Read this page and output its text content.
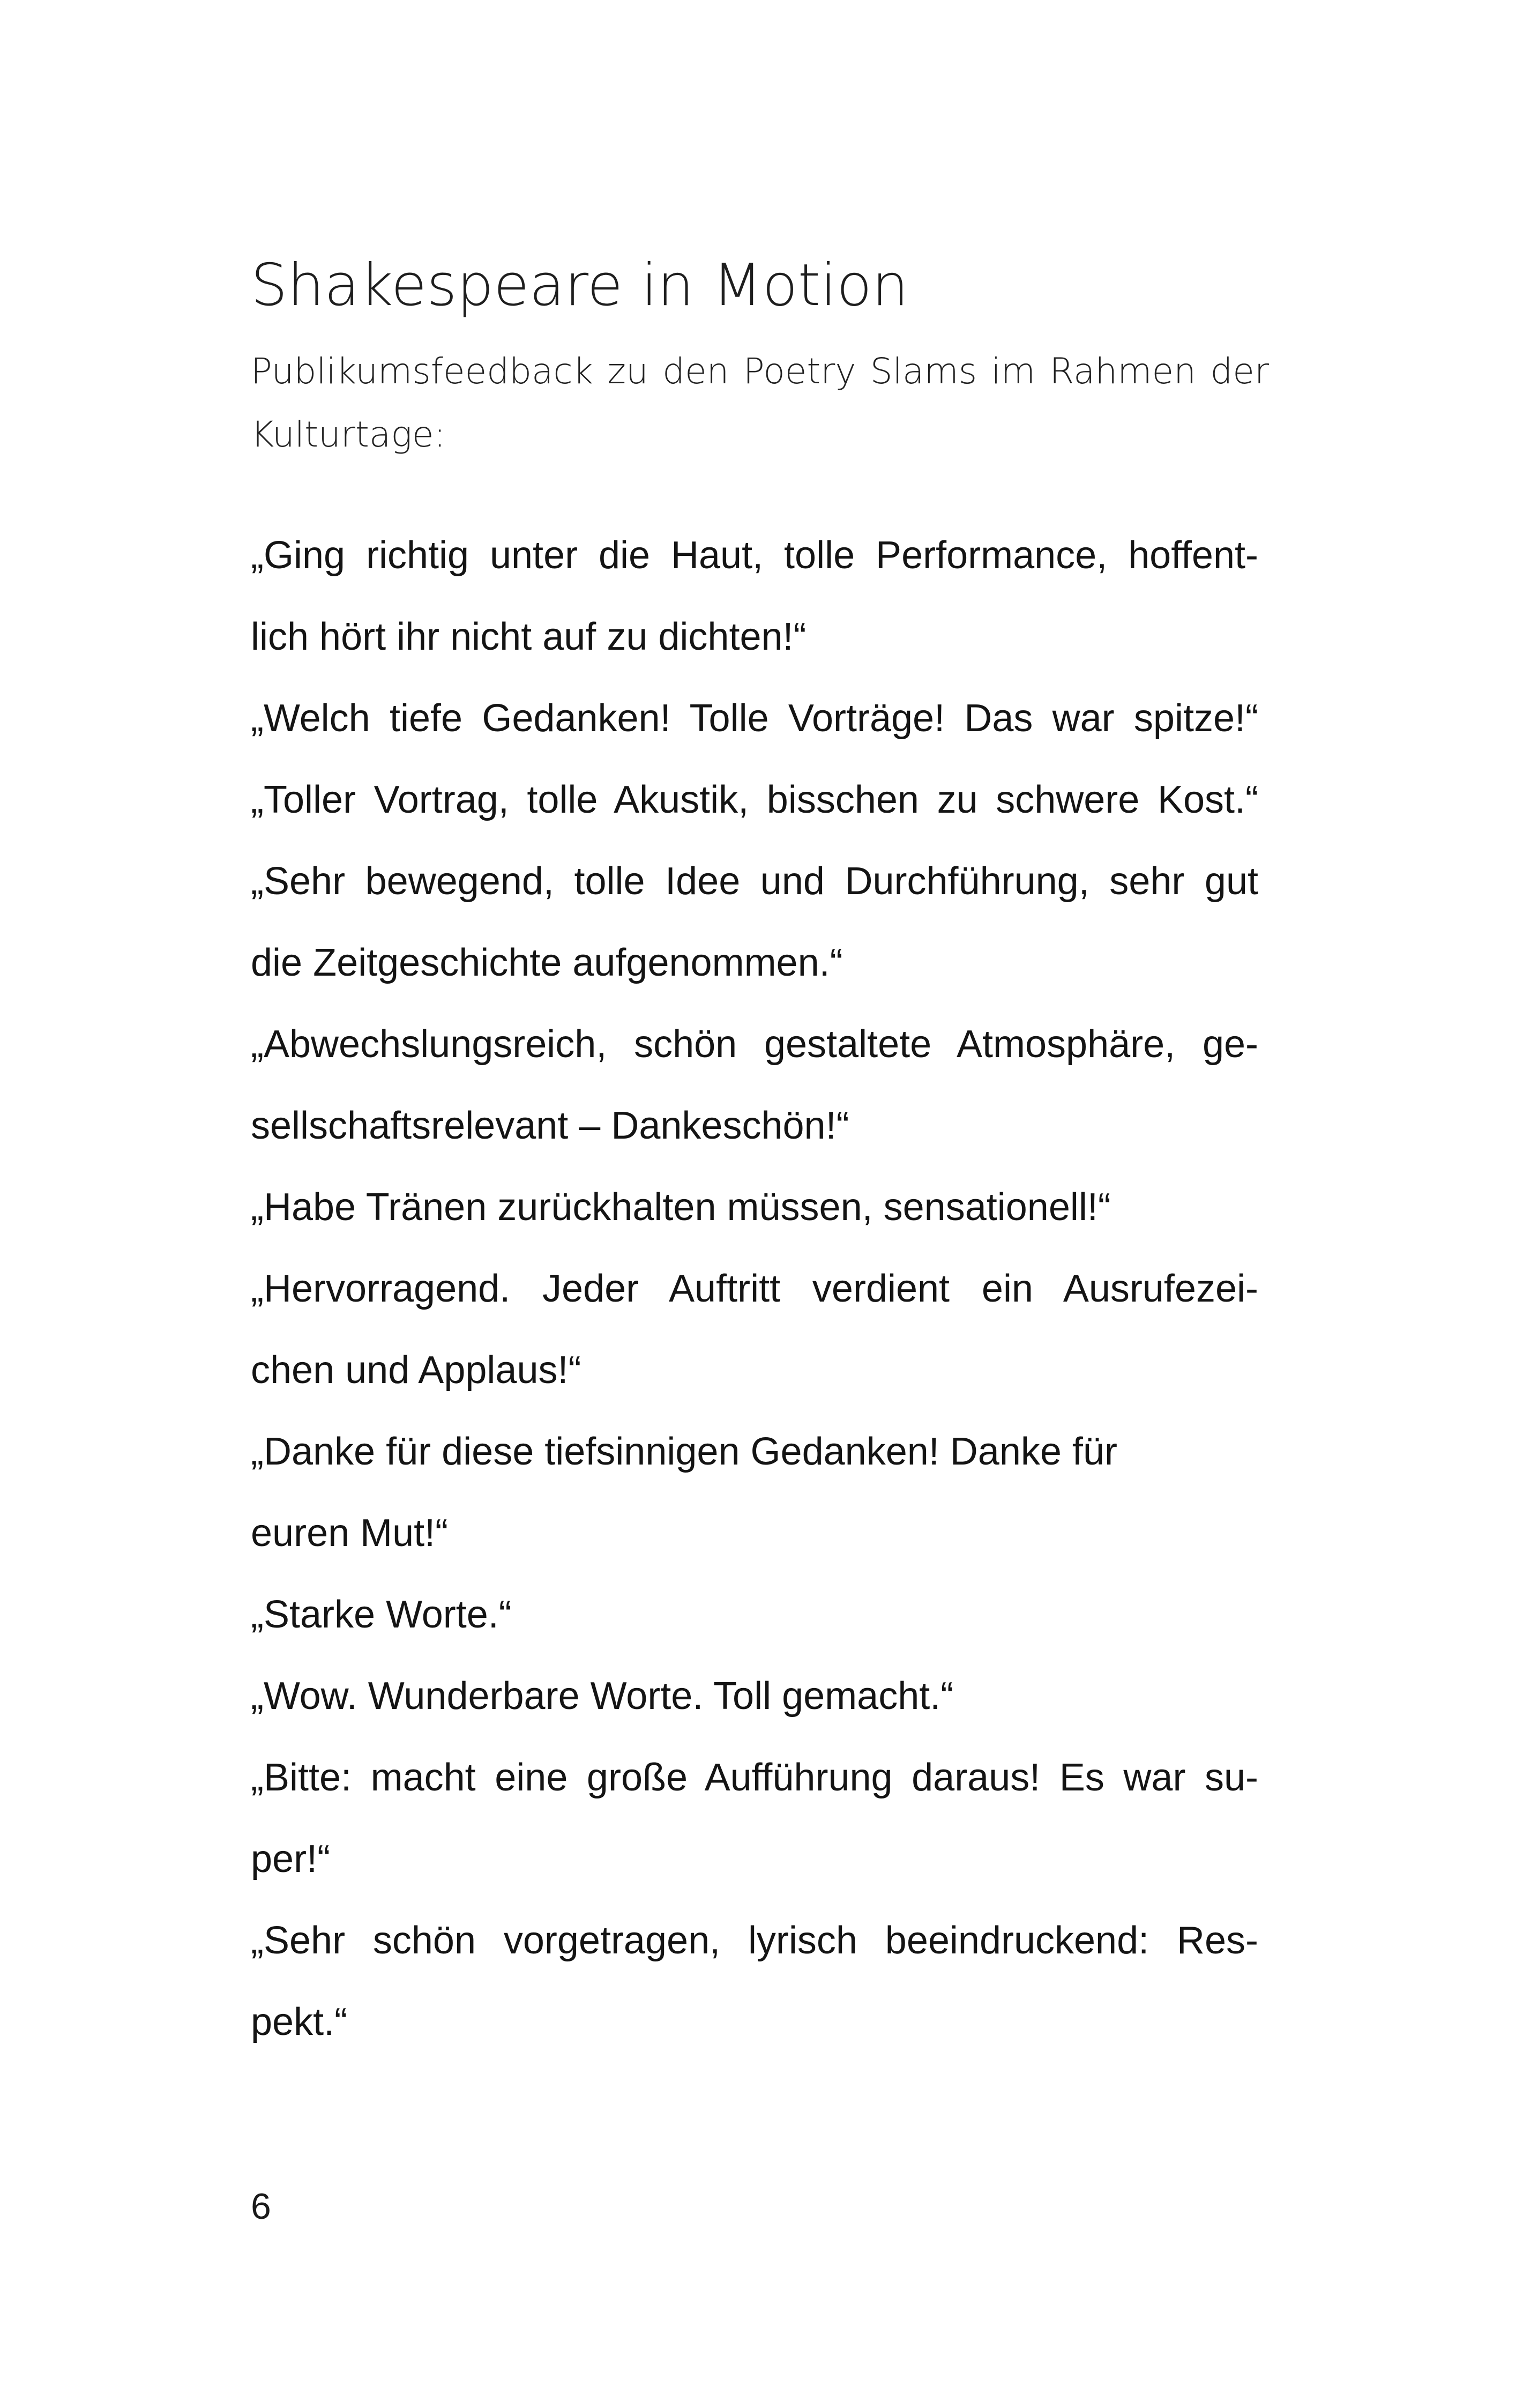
Shakespeare in Motion
Publikumsfeedback zu den Poetry Slams im Rahmen der
Kulturtage:
„Ging richtig unter die Haut, tolle Performance, hoffent-
lich hört ihr nicht auf zu dichten!“
„Welch tiefe Gedanken! Tolle Vorträge! Das war spitze!“
„Toller Vortrag, tolle Akustik, bisschen zu schwere Kost.“
„Sehr bewegend, tolle Idee und Durchführung, sehr gut
die Zeitgeschichte aufgenommen.“
„Abwechslungsreich, schön gestaltete Atmosphäre, ge-
sellschaftsrelevant – Dankeschön!“
„Habe Tränen zurückhalten müssen, sensationell!“
„Hervorragend. Jeder Auftritt verdient ein Ausrufezei-
chen und Applaus!“
„Danke für diese tiefsinnigen Gedanken! Danke für
euren Mut!“
„Starke Worte.“
„Wow. Wunderbare Worte. Toll gemacht.“
„Bitte: macht eine große Aufführung daraus! Es war su-
per!“
„Sehr schön vorgetragen, lyrisch beeindruckend: Res-
pekt.“
6
